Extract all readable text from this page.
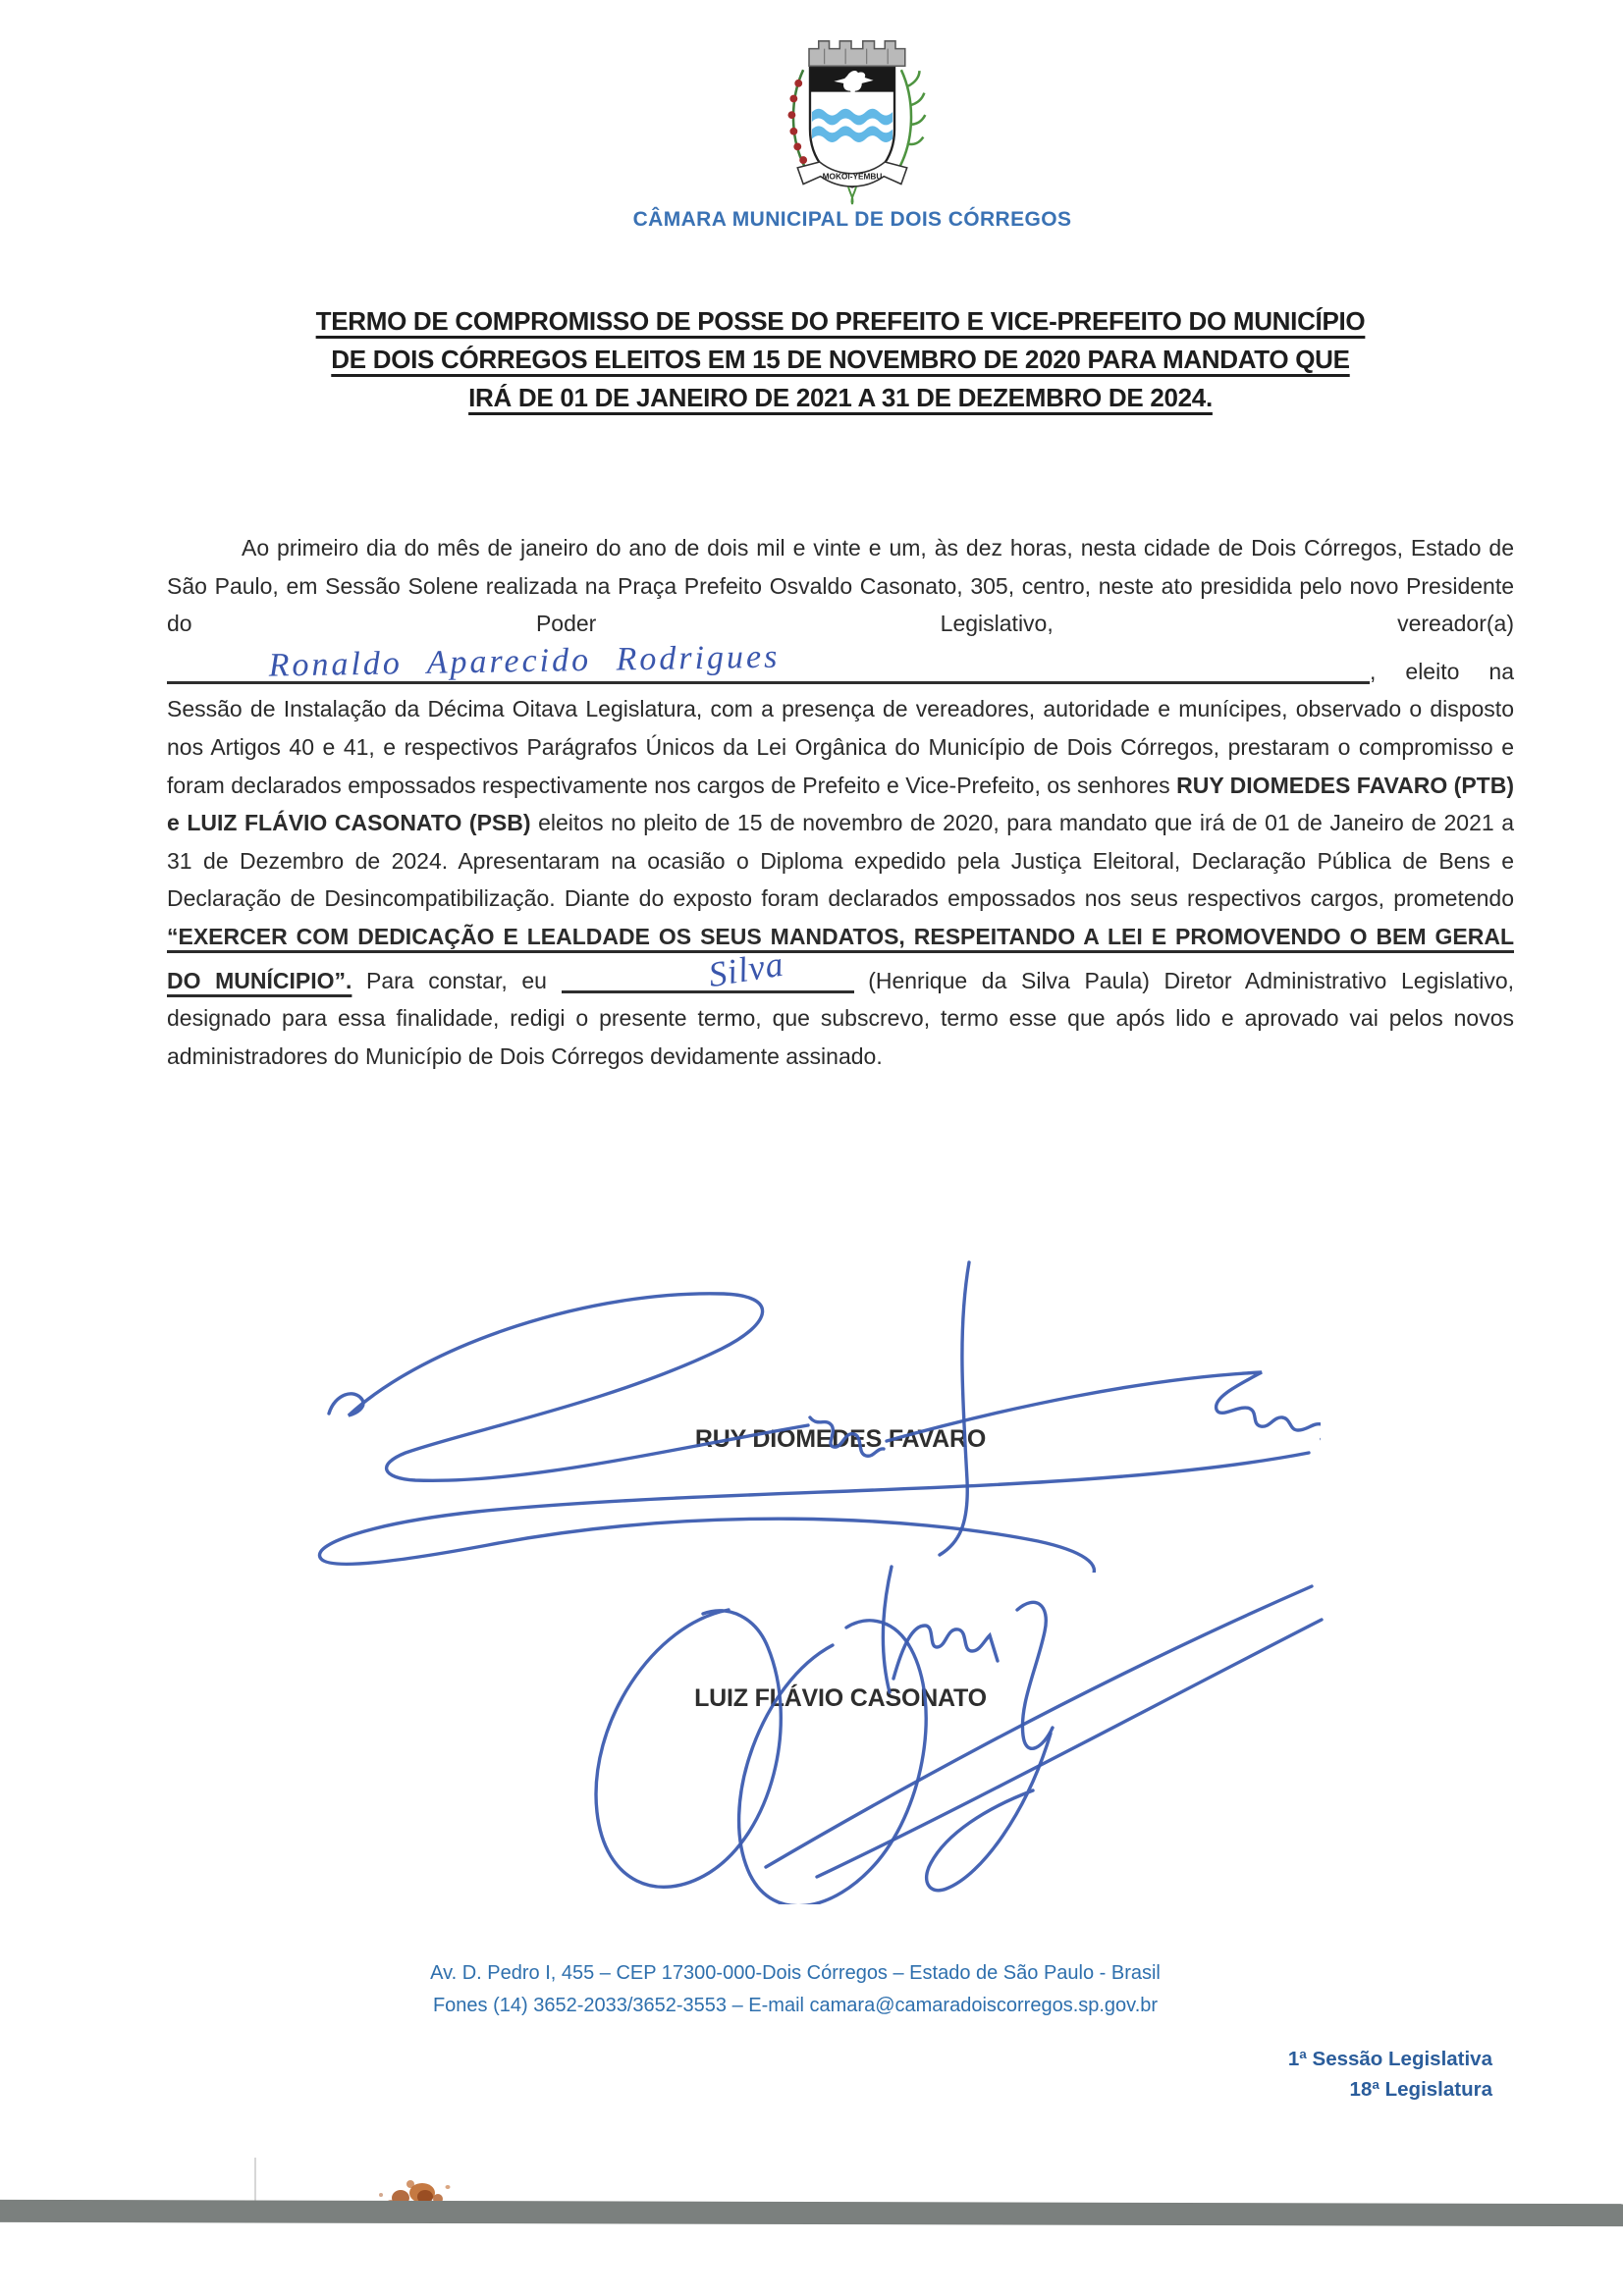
MOKOI-YEMBU
CÂMARA MUNICIPAL DE DOIS CÓRREGOS
TERMO DE COMPROMISSO DE POSSE DO PREFEITO E VICE-PREFEITO DO MUNICÍPIO
DE DOIS CÓRREGOS ELEITOS EM 15 DE NOVEMBRO DE 2020 PARA MANDATO QUE
IRÁ DE 01 DE JANEIRO DE 2021 A 31 DE DEZEMBRO DE 2024.

Ao primeiro dia do mês de janeiro do ano de dois mil e vinte e um, às dez horas, nesta cidade de Dois Córregos, Estado de São Paulo, em Sessão Solene realizada na Praça Prefeito Osvaldo Casonato, 305, centro, neste ato presidida pelo novo Presidente do Poder Legislativo, vereador(a)
Ronaldo Aparecido Rodrigues	, eleito na Sessão de Instalação da Décima Oitava Legislatura, com a presença de vereadores, autoridade e munícipes, observado o disposto nos Artigos 40 e 41, e respectivos Parágrafos Únicos da Lei Orgânica do Município de Dois Córregos, prestaram o compromisso e foram declarados empossados respectivamente nos cargos de Prefeito e Vice-Prefeito, os senhores RUY DIOMEDES FAVARO (PTB) e LUIZ FLÁVIO CASONATO (PSB) eleitos no pleito de 15 de novembro de 2020, para mandato que irá de 01 de Janeiro de 2021 a 31 de Dezembro de 2024. Apresentaram na ocasião o Diploma expedido pela Justiça Eleitoral, Declaração Pública de Bens e Declaração de Desincompatibilização. Diante do exposto foram declarados empossados nos seus respectivos cargos, prometendo “EXERCER COM DEDICAÇÃO E LEALDADE OS SEUS MANDATOS, RESPEITANDO A LEI E PROMOVENDO O BEM GERAL DO MUNÍCIPIO”. Para constar, eu	Silva	(Henrique da Silva Paula) Diretor Administrativo Legislativo, designado para essa finalidade, redigi o presente termo, que subscrevo, termo esse que após lido e aprovado vai pelos novos administradores do Município de Dois Córregos devidamente assinado.

RUY DIOMEDES FAVARO
LUIZ FLÁVIO CASONATO
Av. D. Pedro I, 455 – CEP 17300-000-Dois Córregos – Estado de São Paulo - Brasil
Fones (14) 3652-2033/3652-3553 – E-mail camara@camaradoiscorregos.sp.gov.br
1ª Sessão Legislativa
18ª Legislatura
